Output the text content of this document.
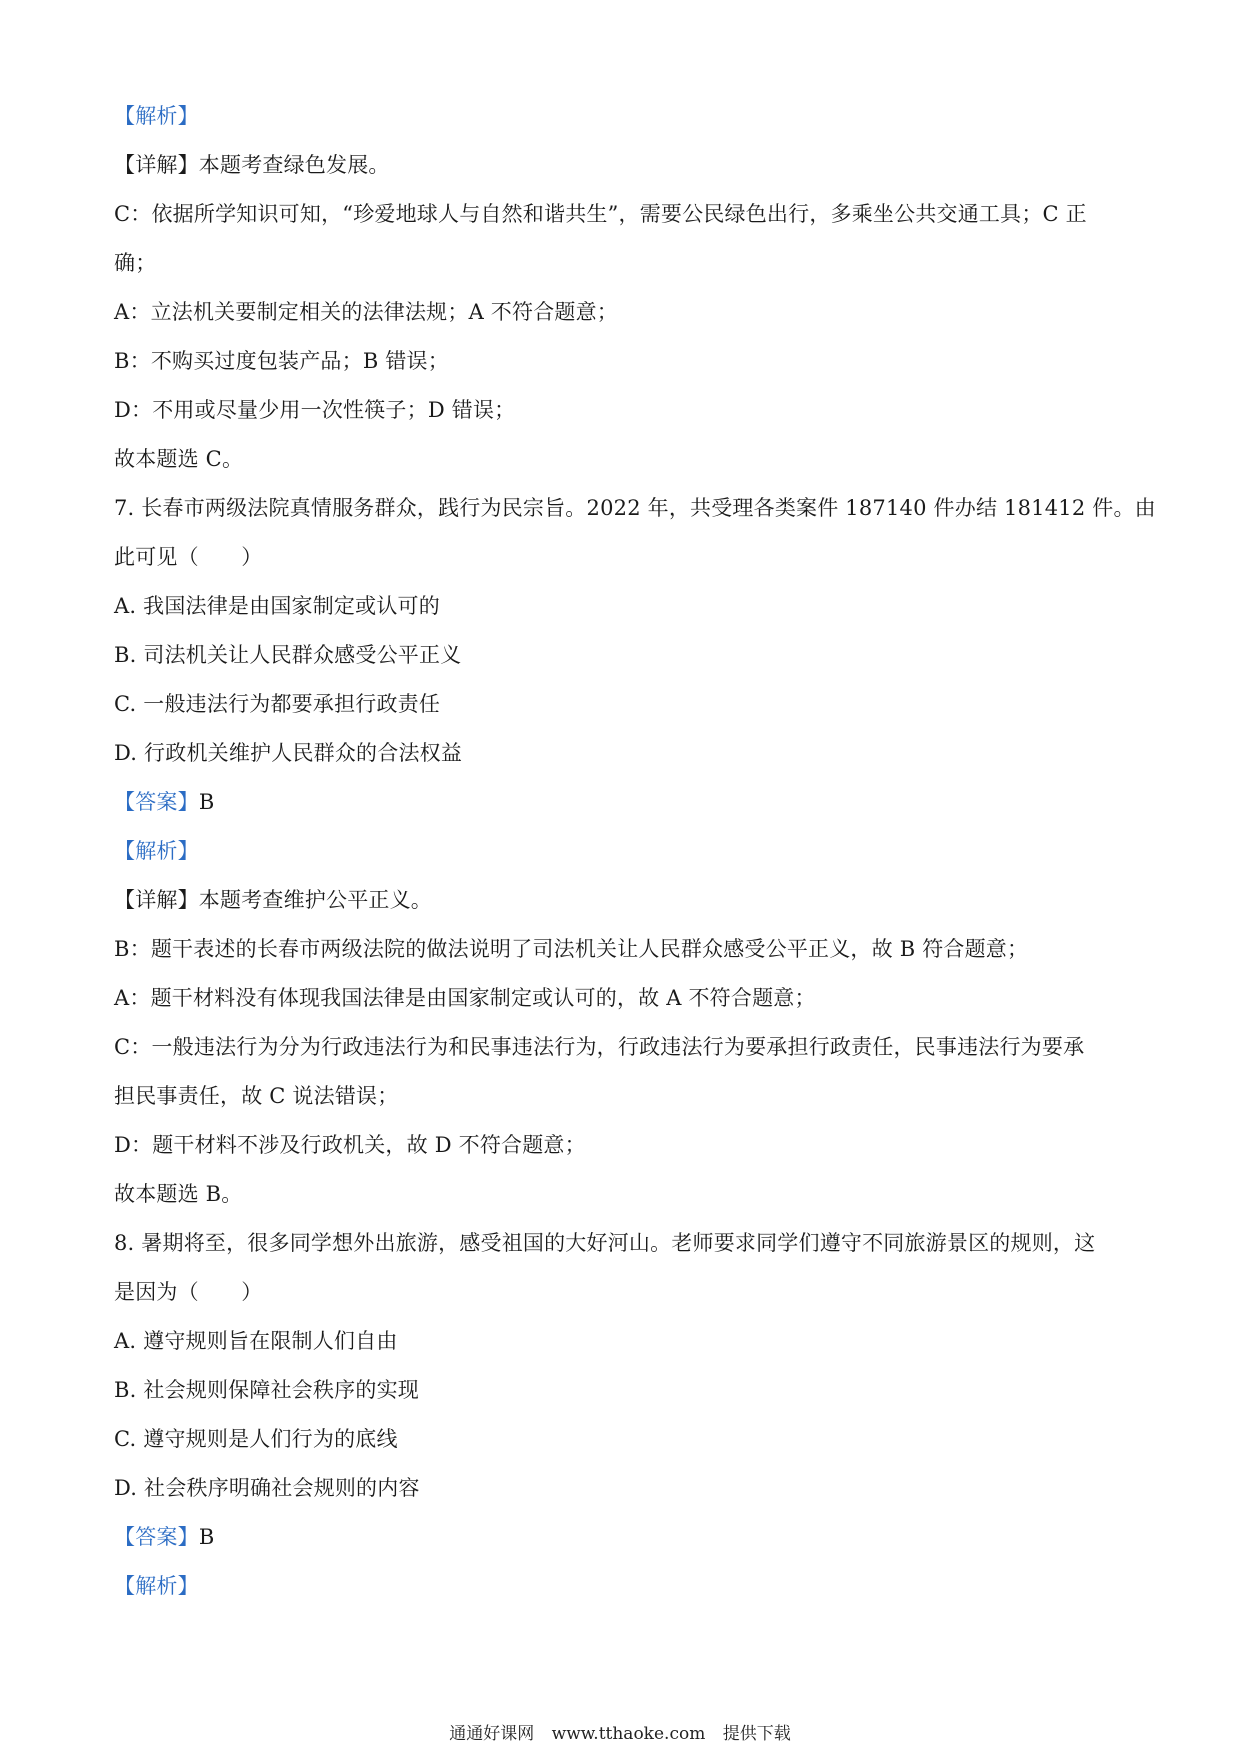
【解析】
【详解】本题考查绿色发展。
C：依据所学知识可知，“珍爱地球人与自然和谐共生”，需要公民绿色出行，多乘坐公共交通工具；C 正
确；
A：立法机关要制定相关的法律法规；A 不符合题意；
B：不购买过度包装产品；B 错误；
D：不用或尽量少用一次性筷子；D 错误；
故本题选 C。
7. 长春市两级法院真情服务群众，践行为民宗旨。2022 年，共受理各类案件 187140 件办结 181412 件。由
此可见（　　）
A. 我国法律是由国家制定或认可的
B. 司法机关让人民群众感受公平正义
C. 一般违法行为都要承担行政责任
D. 行政机关维护人民群众的合法权益
【答案】B
【解析】
【详解】本题考查维护公平正义。
B：题干表述的长春市两级法院的做法说明了司法机关让人民群众感受公平正义，故 B 符合题意；
A：题干材料没有体现我国法律是由国家制定或认可的，故 A 不符合题意；
C：一般违法行为分为行政违法行为和民事违法行为，行政违法行为要承担行政责任，民事违法行为要承
担民事责任，故 C 说法错误；
D：题干材料不涉及行政机关，故 D 不符合题意；
故本题选 B。
8. 暑期将至，很多同学想外出旅游，感受祖国的大好河山。老师要求同学们遵守不同旅游景区的规则，这
是因为（　　）
A. 遵守规则旨在限制人们自由
B. 社会规则保障社会秩序的实现
C. 遵守规则是人们行为的底线
D. 社会秩序明确社会规则的内容
【答案】B
【解析】
通通好课网 www.tthaoke.com 提供下载
